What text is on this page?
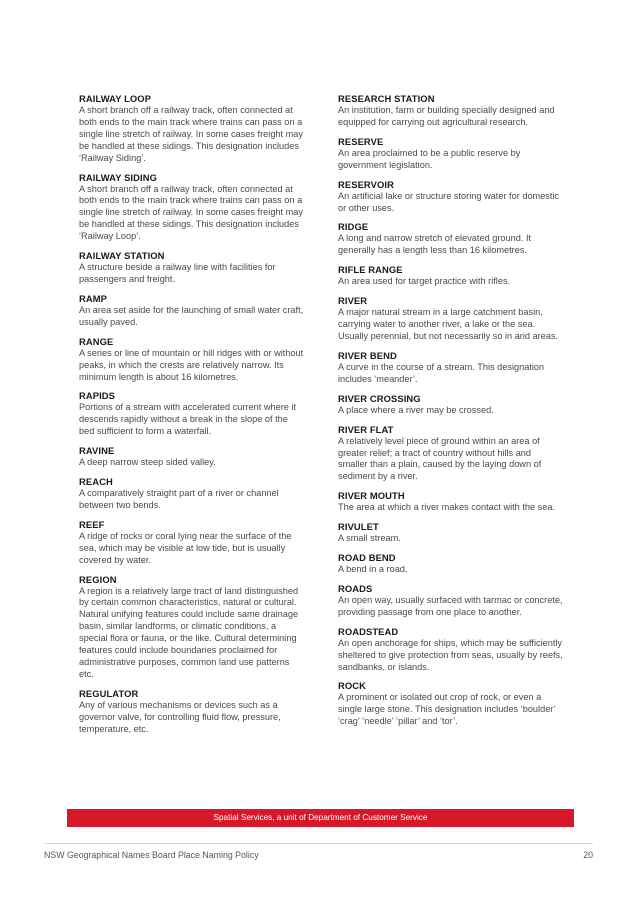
RAILWAY LOOP
A short branch off a railway track, often connected at both ends to the main track where trains can pass on a single line stretch of railway. In some cases freight may be handled at these sidings. This designation includes ‘Railway Siding’.
RAILWAY SIDING
A short branch off a railway track, often connected at both ends to the main track where trains can pass on a single line stretch of railway. In some cases freight may be handled at these sidings. This designation includes ‘Railway Loop’.
RAILWAY STATION
A structure beside a railway line with facilities for passengers and freight.
RAMP
An area set aside for the launching of small water craft,
usually paved.
RANGE
A series or line of mountain or hill ridges with or without peaks, in which the crests are relatively narrow. Its minimum length is about 16 kilometres.
RAPIDS
Portions of a stream with accelerated current where it descends rapidly without a break in the slope of the bed sufficient to form a waterfall.
RAVINE
A deep narrow steep sided valley.
REACH
A comparatively straight part of a river or channel between two bends.
REEF
A ridge of rocks or coral lying near the surface of the sea, which may be visible at low tide, but is usually covered by water.
REGION
A region is a relatively large tract of land distinguished by certain common characteristics, natural or cultural. Natural unifying features could include same drainage basin, similar landforms, or climatic conditions, a special flora or fauna, or the like. Cultural determining features could include boundaries proclaimed for administrative purposes, common land use patterns etc.
REGULATOR
Any of various mechanisms or devices such as a governor valve, for controlling fluid flow, pressure, temperature, etc.
RESEARCH STATION
An institution, farm or building specially designed and equipped for carrying out agricultural research.
RESERVE
An area proclaimed to be a public reserve by government legislation.
RESERVOIR
An artificial lake or structure storing water for domestic or other uses.
RIDGE
A long and narrow stretch of elevated ground. It generally has a length less than 16 kilometres.
RIFLE RANGE
An area used for target practice with rifles.
RIVER
A major natural stream in a large catchment basin, carrying water to another river, a lake or the sea. Usually perennial, but not necessarily so in arid areas.
RIVER BEND
A curve in the course of a stream. This designation includes ‘meander’.
RIVER CROSSING
A place where a river may be crossed.
RIVER FLAT
A relatively level piece of ground within an area of greater relief; a tract of country without hills and smaller than a plain, caused by the laying down of sediment by a river.
RIVER MOUTH
The area at which a river makes contact with the sea.
RIVULET
A small stream.
ROAD BEND
A bend in a road.
ROADS
An open way, usually surfaced with tarmac or concrete, providing passage from one place to another.
ROADSTEAD
An open anchorage for ships, which may be sufficiently sheltered to give protection from seas, usually by reefs, sandbanks, or islands.
ROCK
A prominent or isolated out crop of rock, or even a single large stone. This designation includes ‘boulder’ ‘crag’ ‘needle’ ‘pillar’ and ‘tor’.
Spatial Services, a unit of Department of Customer Service
NSW Geographical Names Board Place Naming Policy	20
